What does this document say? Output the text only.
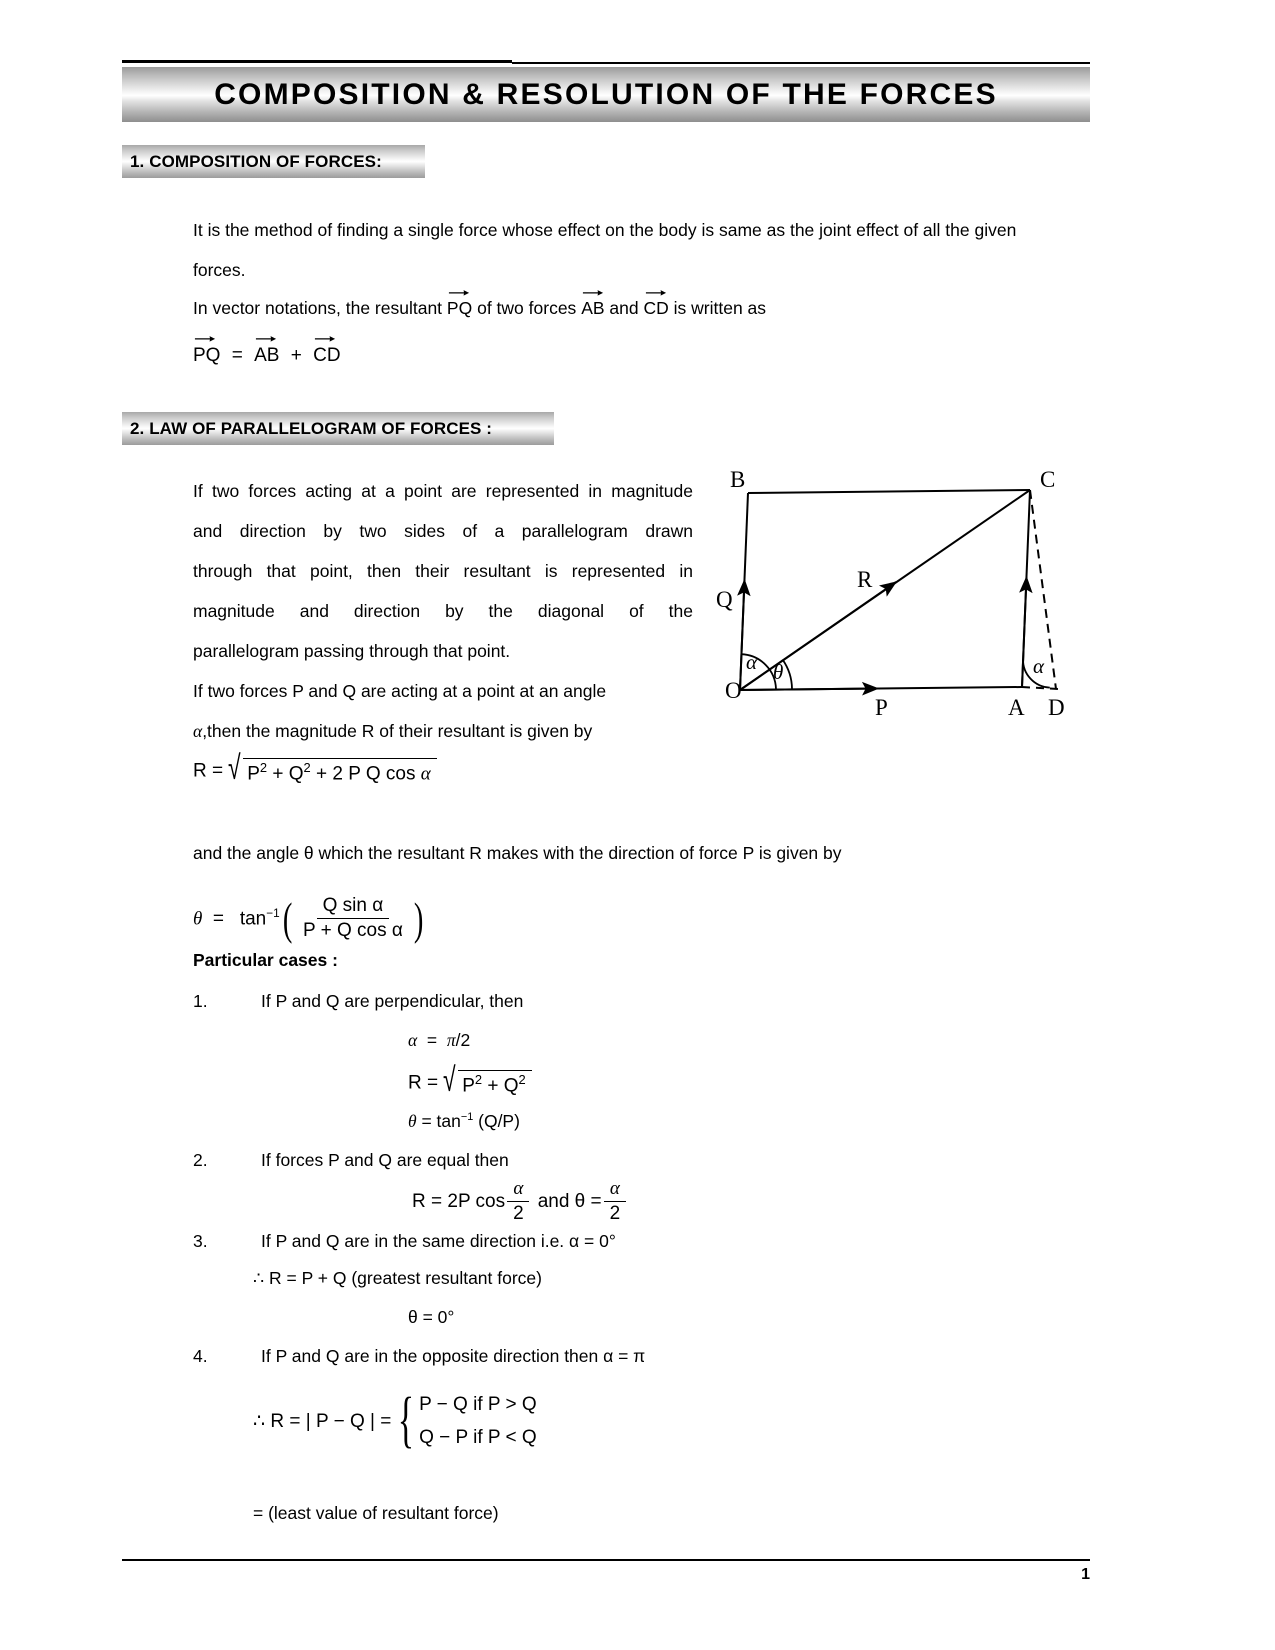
COMPOSITION & RESOLUTION OF THE FORCES
1. COMPOSITION OF FORCES:
It is the method of finding a single force whose effect on the body is same as the joint effect of all the given
forces.
In vector notations, the resultant PQ of two forces AB and CD is written as
PQ = AB + CD
2. LAW OF PARALLELOGRAM OF FORCES :
If two forces acting at a point are represented in magnitude
and direction by two sides of a parallelogram drawn
through that point, then their resultant is represented in
magnitude and direction by the diagonal of the
parallelogram passing through that point.
If two forces P and Q are acting at a point at an angle
α,then the magnitude R of their resultant is given by
R = √ $P^2 + Q^2 + 2$ P Q cos α
and the angle θ which the resultant R makes with the direction of force P is given by
$\theta = \tan^{-1}$ ( $\frac{\text{Q sin α}}{\text{P + Q cos α}}$ )
Particular cases :
1.	If P and Q are perpendicular, then
α  =  π/2
R = √ $P^2 + Q^2$
$\theta = \tan^{-1} (Q/P)$
2.	If forces P and Q are equal then
R = 2P $\cos \frac{\alpha}{2}$ and $\theta = \frac{\alpha}{2}$
3.	If P and Q are in the same direction i.e. α = 0°
∴ R = P + Q (greatest resultant force)
θ = 0°
4.	If P and Q are in the opposite direction then α = π
∴ R = | P − Q | = { P − Q if P > Q
Q − P if P < Q
= (least value of resultant force)
O
B	C
A D
P
Q
R
α θ	α
1
